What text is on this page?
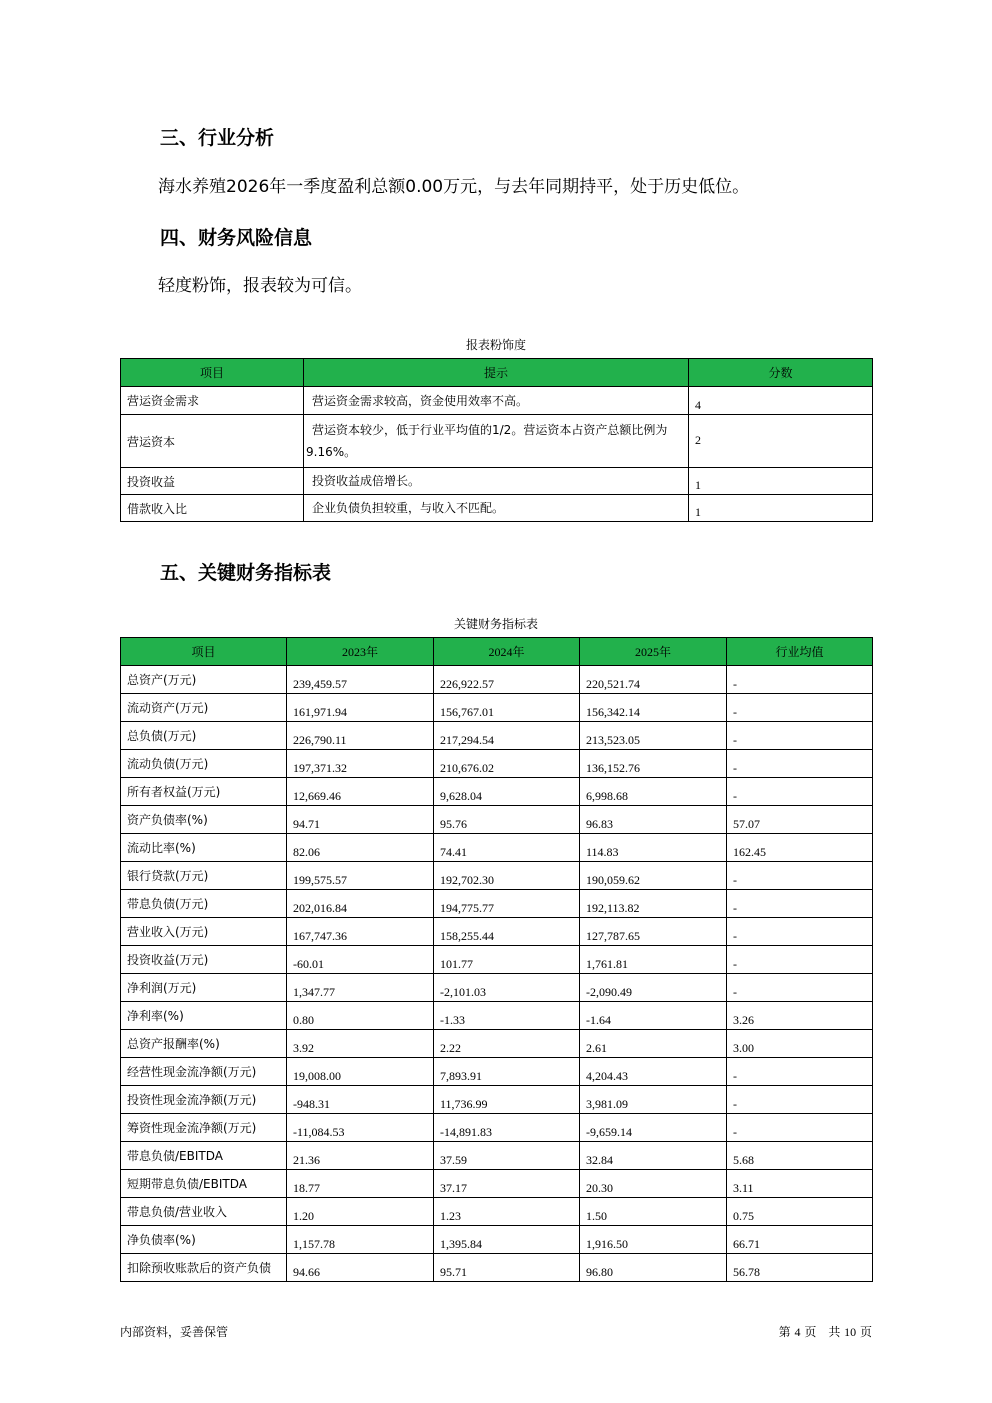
三、行业分析

海水养殖2026年一季度盈利总额0.00万元，与去年同期持平，处于历史低位。

四、财务风险信息

轻度粉饰，报表较为可信。

报表粉饰度
项目	提示	分数
营运资金需求	营运资金需求较高，资金使用效率不高。	4
营运资本	营运资本较少，低于行业平均值的1/2。营运资本占资产总额比例为9.16%。	2
投资收益	投资收益成倍增长。	1
借款收入比	企业负债负担较重，与收入不匹配。	1
五、关键财务指标表
关键财务指标表
项目	2023年	2024年	2025年	行业均值
总资产(万元)	239,459.57	226,922.57	220,521.74	-
流动资产(万元)	161,971.94	156,767.01	156,342.14	-
总负债(万元)	226,790.11	217,294.54	213,523.05	-
流动负债(万元)	197,371.32	210,676.02	136,152.76	-
所有者权益(万元)	12,669.46	9,628.04	6,998.68	-
资产负债率(%)	94.71	95.76	96.83	57.07
流动比率(%)	82.06	74.41	114.83	162.45
银行贷款(万元)	199,575.57	192,702.30	190,059.62	-
带息负债(万元)	202,016.84	194,775.77	192,113.82	-
营业收入(万元)	167,747.36	158,255.44	127,787.65	-
投资收益(万元)	-60.01	101.77	1,761.81	-
净利润(万元)	1,347.77	-2,101.03	-2,090.49	-
净利率(%)	0.80	-1.33	-1.64	3.26
总资产报酬率(%)	3.92	2.22	2.61	3.00
经营性现金流净额(万元)	19,008.00	7,893.91	4,204.43	-
投资性现金流净额(万元)	-948.31	11,736.99	3,981.09	-
筹资性现金流净额(万元)	-11,084.53	-14,891.83	-9,659.14	-
带息负债/EBITDA	21.36	37.59	32.84	5.68
短期带息负债/EBITDA	18.77	37.17	20.30	3.11
带息负债/营业收入	1.20	1.23	1.50	0.75
净负债率(%)	1,157.78	1,395.84	1,916.50	66.71
扣除预收账款后的资产负债	94.66	95.71	96.80	56.78
内部资料，妥善保管	第 4 页　共 10 页
